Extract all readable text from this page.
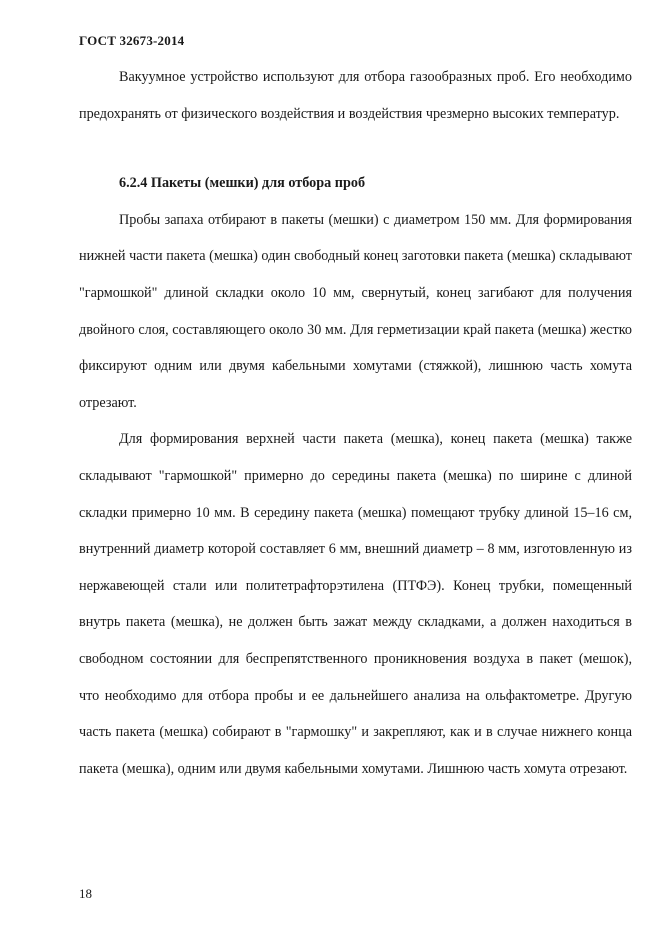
ГОСТ 32673-2014

Вакуумное устройство используют для отбора газообразных проб. Его необходимо предохранять от физического воздействия и воздействия чрезмерно высоких температур.

6.2.4 Пакеты (мешки) для отбора проб

Пробы запаха отбирают в пакеты (мешки) с диаметром 150 мм. Для формирования нижней части пакета (мешка) один свободный конец заготовки пакета (мешка) складывают "гармошкой" длиной складки около 10 мм, свернутый, конец загибают для получения двойного слоя, составляющего около 30 мм. Для герметизации край пакета (мешка) жестко фиксируют одним или двумя кабельными хомутами (стяжкой), лишнюю часть хомута отрезают.

Для формирования верхней части пакета (мешка), конец пакета (мешка) также складывают "гармошкой" примерно до середины пакета (мешка) по ширине с длиной складки примерно 10 мм. В середину пакета (мешка) помещают трубку длиной 15–16 см, внутренний диаметр которой составляет 6 мм, внешний диаметр – 8 мм, изготовленную из нержавеющей стали или политетрафторэтилена (ПТФЭ). Конец трубки, помещенный внутрь пакета (мешка), не должен быть зажат между складками, а должен находиться в свободном состоянии для беспрепятственного проникновения воздуха в пакет (мешок), что необходимо для отбора пробы и ее дальнейшего анализа на ольфактометре. Другую часть пакета (мешка) собирают в "гармошку" и закрепляют, как и в случае нижнего конца пакета (мешка), одним или двумя кабельными хомутами. Лишнюю часть хомута отрезают.

18
